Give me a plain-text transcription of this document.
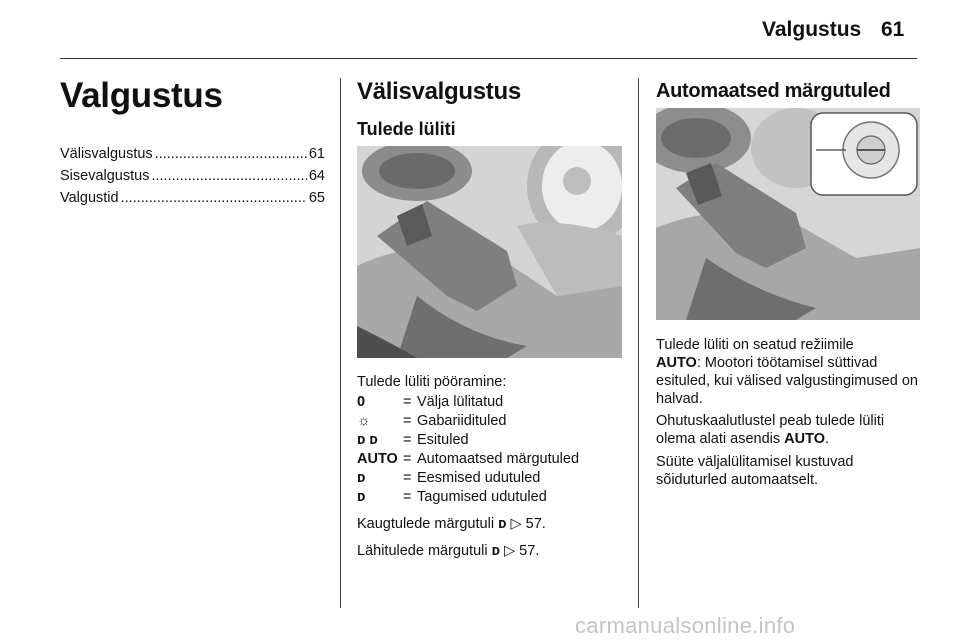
Valgustus 61
Valgustus
Välisvalgustus .....	61
Sisevalgustus .....	64
Valgustid .....	65
Välisvalgustus
Tulede lüliti
Tulede lüliti pööramine:
0	= Välja lülitatud
☼	= Gabariidituled
ᴅ ᴅ	= Esituled
AUTO = Automaatsed märgutuled
ᴅ	= Eesmised udutuled
ᴅ	= Tagumised udutuled
Kaugtulede märgutuli ᴅ ▷ 57.
Lähitulede märgutuli ᴅ ▷ 57.
Automaatsed märgutuled
Tulede lüliti on seatud režiimile
AUTO: Mootori töötamisel süttivad esituled, kui välised valgustingimused on halvad.
Ohutuskaalutlustel peab tulede lüliti olema alati asendis AUTO.
Süüte väljalülitamisel kustuvad sõiduturled automaatselt.
carmanualsonline.info
